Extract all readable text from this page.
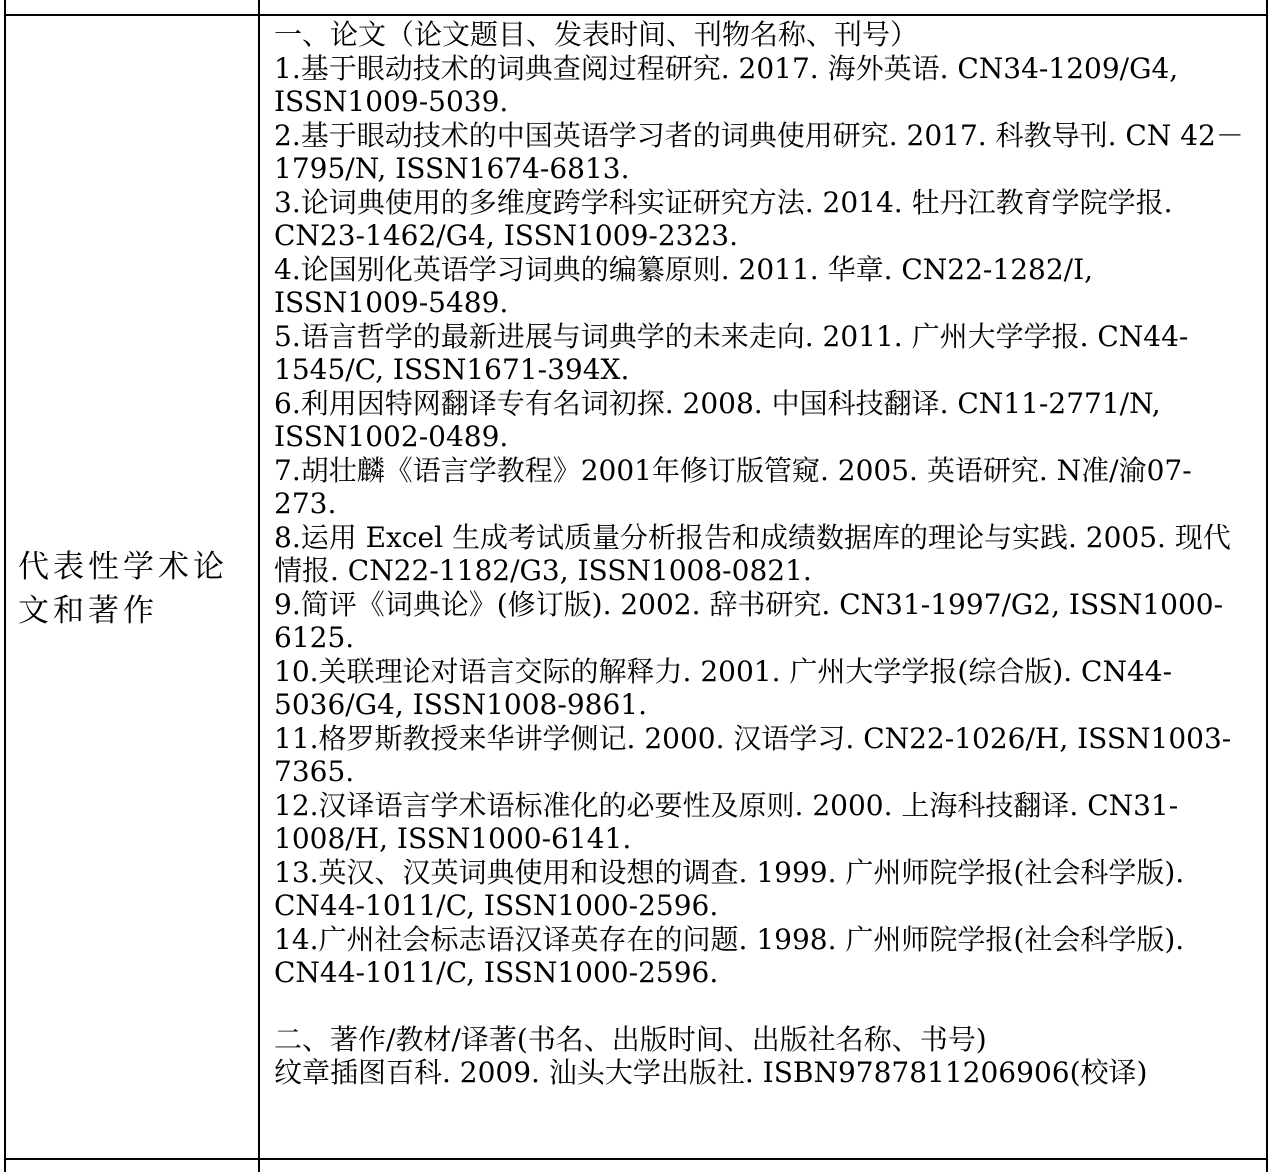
代表性学术论文和著作
一、论文（论文题目、发表时间、刊物名称、刊号）
1.基于眼动技术的词典查阅过程研究. 2017. 海外英语. CN34-1209/G4, ISSN1009-5039.
2.基于眼动技术的中国英语学习者的词典使用研究. 2017. 科教导刊. CN 42－1795/N, ISSN1674-6813.
3.论词典使用的多维度跨学科实证研究方法. 2014. 牡丹江教育学院学报. CN23-1462/G4, ISSN1009-2323.
4.论国别化英语学习词典的编纂原则. 2011. 华章. CN22-1282/I, ISSN1009-5489.
5.语言哲学的最新进展与词典学的未来走向. 2011. 广州大学学报. CN44-1545/C, ISSN1671-394X.
6.利用因特网翻译专有名词初探. 2008. 中国科技翻译. CN11-2771/N, ISSN1002-0489.
7.胡壮麟《语言学教程》2001年修订版管窥. 2005. 英语研究. N准/渝07-273.
8.运用 Excel 生成考试质量分析报告和成绩数据库的理论与实践. 2005. 现代情报. CN22-1182/G3, ISSN1008-0821.
9.简评《词典论》(修订版). 2002. 辞书研究. CN31-1997/G2, ISSN1000-6125.
10.关联理论对语言交际的解释力. 2001. 广州大学学报(综合版). CN44-5036/G4, ISSN1008-9861.
11.格罗斯教授来华讲学侧记. 2000. 汉语学习. CN22-1026/H, ISSN1003-7365.
12.汉译语言学术语标准化的必要性及原则. 2000. 上海科技翻译. CN31-1008/H, ISSN1000-6141.
13.英汉、汉英词典使用和设想的调查. 1999. 广州师院学报(社会科学版). CN44-1011/C, ISSN1000-2596.
14.广州社会标志语汉译英存在的问题. 1998. 广州师院学报(社会科学版). CN44-1011/C, ISSN1000-2596.
二、著作/教材/译著(书名、出版时间、出版社名称、书号)
纹章插图百科. 2009. 汕头大学出版社. ISBN9787811206906(校译)
